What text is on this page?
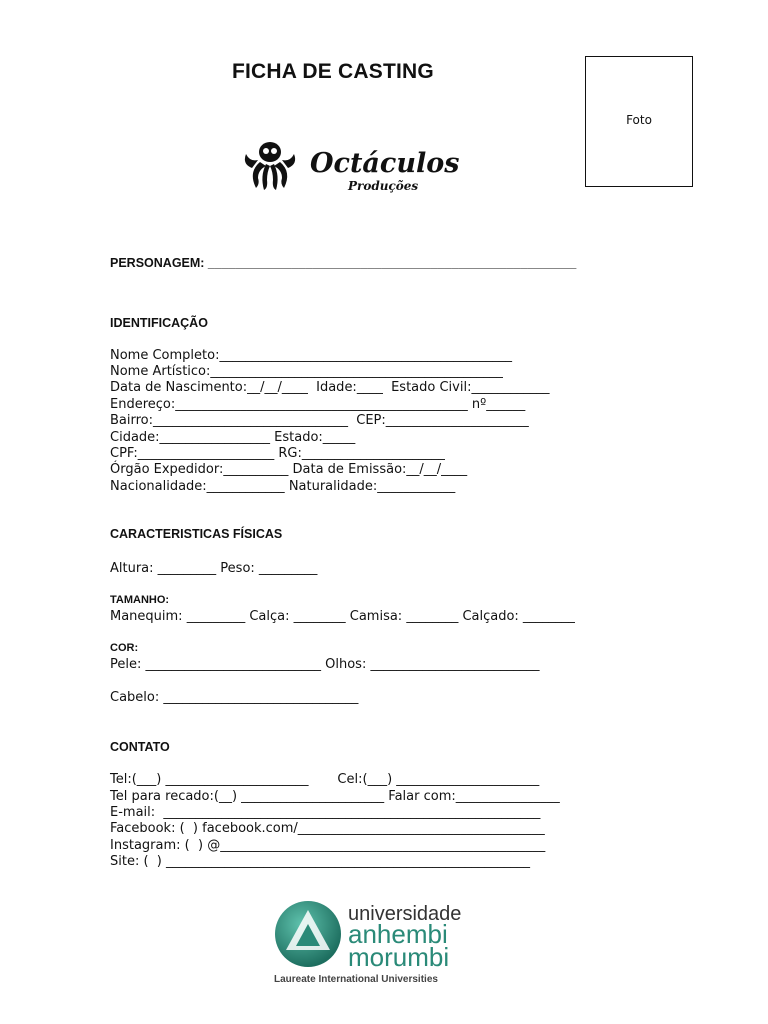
FICHA DE CASTING
Foto
Octáculos
Produções
PERSONAGEM: _____________________________________________________
IDENTIFICAÇÃO
Nome Completo:_____________________________________________
Nome Artístico:_____________________________________________
Data de Nascimento:__/__/____  Idade:____  Estado Civil:____________
Endereço:_____________________________________________ nº______
Bairro:______________________________  CEP:______________________
Cidade:_________________ Estado:_____
CPF:_____________________ RG:______________________
Órgão Expedidor:__________ Data de Emissão:__/__/____
Nacionalidade:____________ Naturalidade:____________
CARACTERISTICAS FÍSICAS
Altura: _________ Peso: _________
TAMANHO:
Manequim: _________ Calça: ________ Camisa: ________ Calçado: ________
COR:
Pele: ___________________________ Olhos: __________________________
Cabelo: ______________________________
CONTATO
Tel:(___) ______________________       Cel:(___) ______________________
Tel para recado:(__) ______________________ Falar com:________________
E-mail:  __________________________________________________________
Facebook: (  ) facebook.com/______________________________________
Instagram: (  ) @__________________________________________________
Site: (  ) ________________________________________________________
universidade
anhembi
morumbi
Laureate International Universities
